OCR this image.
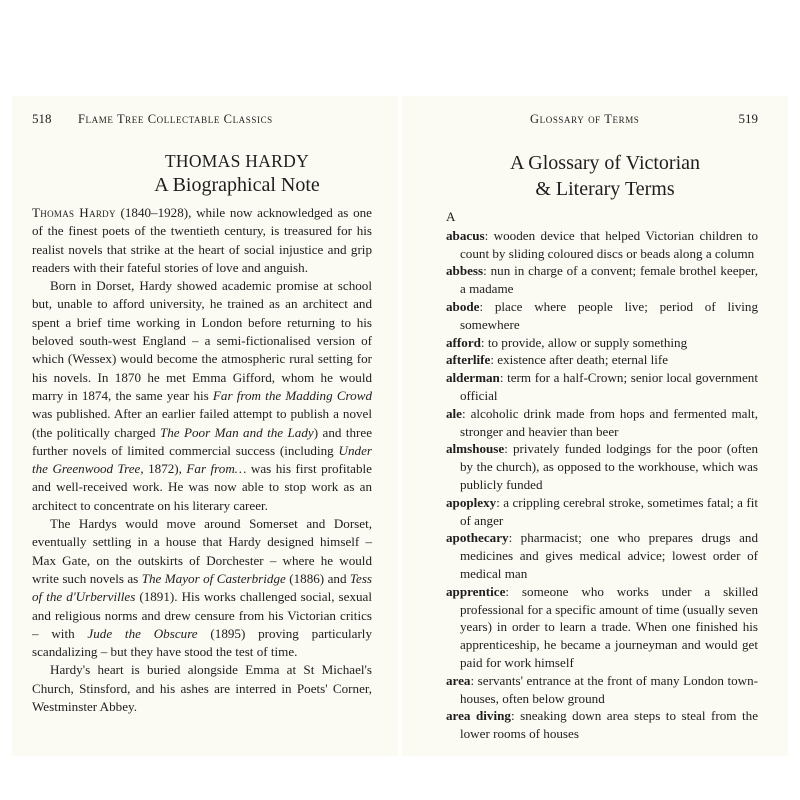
518 Flame Tree Collectable Classics
THOMAS HARDY
A Biographical Note

Thomas Hardy (1840–1928), while now acknowledged as one of the finest poets of the twentieth century, is treasured for his realist novels that strike at the heart of social injustice and grip readers with their fateful stories of love and anguish.

Born in Dorset, Hardy showed academic promise at school but, unable to afford university, he trained as an architect and spent a brief time working in London before returning to his beloved south-west England – a semi-fictionalised version of which (Wessex) would become the atmospheric rural setting for his novels. In 1870 he met Emma Gifford, whom he would marry in 1874, the same year his Far from the Madding Crowd was published. After an earlier failed attempt to publish a novel (the politically charged The Poor Man and the Lady) and three further novels of limited commercial success (including Under the Greenwood Tree, 1872), Far from… was his first profitable and well-received work. He was now able to stop work as an architect to concentrate on his literary career.

The Hardys would move around Somerset and Dorset, eventually settling in a house that Hardy designed himself – Max Gate, on the outskirts of Dorchester – where he would write such novels as The Mayor of Casterbridge (1886) and Tess of the d'Urbervilles (1891). His works challenged social, sexual and religious norms and drew censure from his Victorian critics – with Jude the Obscure (1895) proving particularly scandalizing – but they have stood the test of time.

Hardy's heart is buried alongside Emma at St Michael's Church, Stinsford, and his ashes are interred in Poets' Corner, Westminster Abbey.

Glossary of Terms	519
A Glossary of Victorian
& Literary Terms

A

abacus: wooden device that helped Victorian children to count by sliding coloured discs or beads along a column

abbess: nun in charge of a convent; female brothel keeper, a madame

abode: place where people live; period of living somewhere

afford: to provide, allow or supply something

afterlife: existence after death; eternal life

alderman: term for a half-Crown; senior local government official

ale: alcoholic drink made from hops and fermented malt, stronger and heavier than beer

almshouse: privately funded lodgings for the poor (often by the church), as opposed to the workhouse, which was publicly funded

apoplexy: a crippling cerebral stroke, sometimes fatal; a fit of anger

apothecary: pharmacist; one who prepares drugs and medicines and gives medical advice; lowest order of medical man

apprentice: someone who works under a skilled professional for a specific amount of time (usually seven years) in order to learn a trade. When one finished his apprenticeship, he became a journeyman and would get paid for work himself

area: servants' entrance at the front of many London town-houses, often below ground

area diving: sneaking down area steps to steal from the lower rooms of houses
